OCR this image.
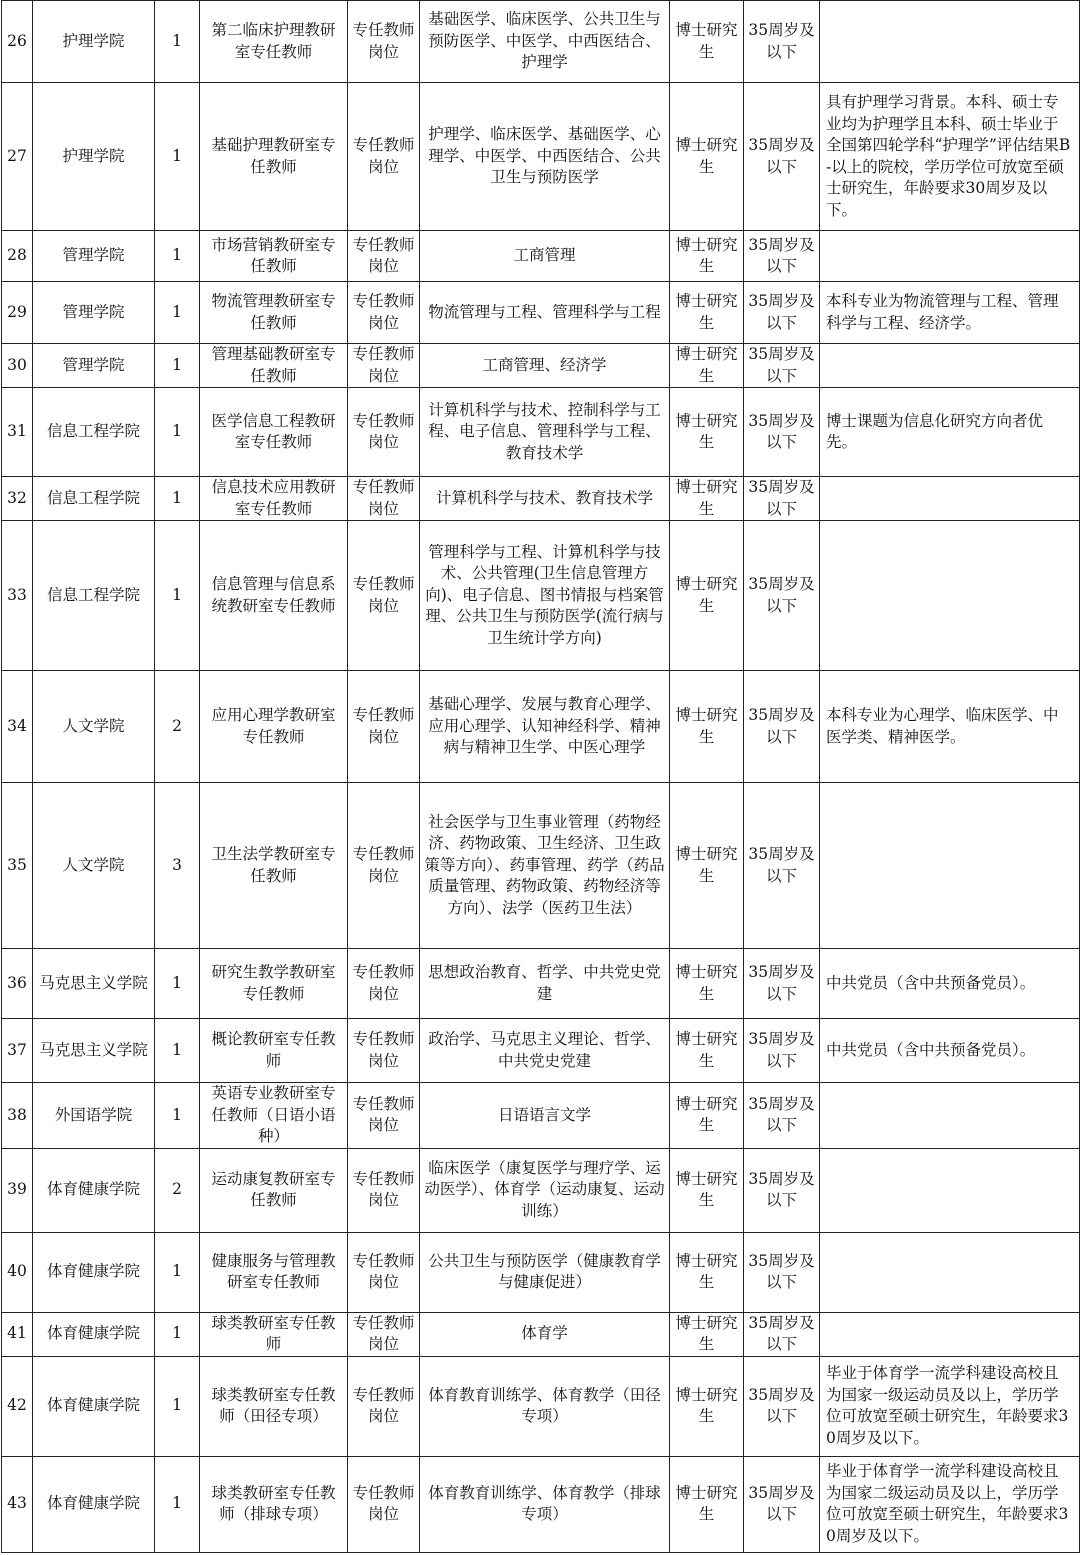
26	护理学院	1	第二临床护理教研室专任教师	专任教师岗位	基础医学、临床医学、公共卫生与预防医学、中医学、中西医结合、护理学	博士研究生	35周岁及以下	
27	护理学院	1	基础护理教研室专任教师	专任教师岗位	护理学、临床医学、基础医学、心理学、中医学、中西医结合、公共卫生与预防医学	博士研究生	35周岁及以下	具有护理学习背景。本科、硕士专业均为护理学且本科、硕士毕业于全国第四轮学科“护理学”评估结果B-以上的院校，学历学位可放宽至硕士研究生，年龄要求30周岁及以下。
28	管理学院	1	市场营销教研室专任教师	专任教师岗位	工商管理	博士研究生	35周岁及以下	
29	管理学院	1	物流管理教研室专任教师	专任教师岗位	物流管理与工程、管理科学与工程	博士研究生	35周岁及以下	本科专业为物流管理与工程、管理科学与工程、经济学。
30	管理学院	1	管理基础教研室专任教师	专任教师岗位	工商管理、经济学	博士研究生	35周岁及以下	
31	信息工程学院	1	医学信息工程教研室专任教师	专任教师岗位	计算机科学与技术、控制科学与工程、电子信息、管理科学与工程、教育技术学	博士研究生	35周岁及以下	博士课题为信息化研究方向者优先。
32	信息工程学院	1	信息技术应用教研室专任教师	专任教师岗位	计算机科学与技术、教育技术学	博士研究生	35周岁及以下	
33	信息工程学院	1	信息管理与信息系统教研室专任教师	专任教师岗位	管理科学与工程、计算机科学与技术、公共管理(卫生信息管理方向)、电子信息、图书情报与档案管理、公共卫生与预防医学(流行病与卫生统计学方向)	博士研究生	35周岁及以下	
34	人文学院	2	应用心理学教研室专任教师	专任教师岗位	基础心理学、发展与教育心理学、应用心理学、认知神经科学、精神病与精神卫生学、中医心理学	博士研究生	35周岁及以下	本科专业为心理学、临床医学、中医学类、精神医学。
35	人文学院	3	卫生法学教研室专任教师	专任教师岗位	社会医学与卫生事业管理（药物经济、药物政策、卫生经济、卫生政策等方向）、药事管理、药学（药品质量管理、药物政策、药物经济等方向）、法学（医药卫生法）	博士研究生	35周岁及以下	
36	马克思主义学院	1	研究生教学教研室专任教师	专任教师岗位	思想政治教育、哲学、中共党史党建	博士研究生	35周岁及以下	中共党员（含中共预备党员）。
37	马克思主义学院	1	概论教研室专任教师	专任教师岗位	政治学、马克思主义理论、哲学、中共党史党建	博士研究生	35周岁及以下	中共党员（含中共预备党员）。
38	外国语学院	1	英语专业教研室专任教师（日语小语种）	专任教师岗位	日语语言文学	博士研究生	35周岁及以下	
39	体育健康学院	2	运动康复教研室专任教师	专任教师岗位	临床医学（康复医学与理疗学、运动医学）、体育学（运动康复、运动训练）	博士研究生	35周岁及以下	
40	体育健康学院	1	健康服务与管理教研室专任教师	专任教师岗位	公共卫生与预防医学（健康教育学与健康促进）	博士研究生	35周岁及以下	
41	体育健康学院	1	球类教研室专任教师	专任教师岗位	体育学	博士研究生	35周岁及以下	
42	体育健康学院	1	球类教研室专任教师（田径专项）	专任教师岗位	体育教育训练学、体育教学（田径专项）	博士研究生	35周岁及以下	毕业于体育学一流学科建设高校且为国家一级运动员及以上，学历学位可放宽至硕士研究生，年龄要求30周岁及以下。
43	体育健康学院	1	球类教研室专任教师（排球专项）	专任教师岗位	体育教育训练学、体育教学（排球专项）	博士研究生	35周岁及以下	毕业于体育学一流学科建设高校且为国家二级运动员及以上，学历学位可放宽至硕士研究生，年龄要求30周岁及以下。
